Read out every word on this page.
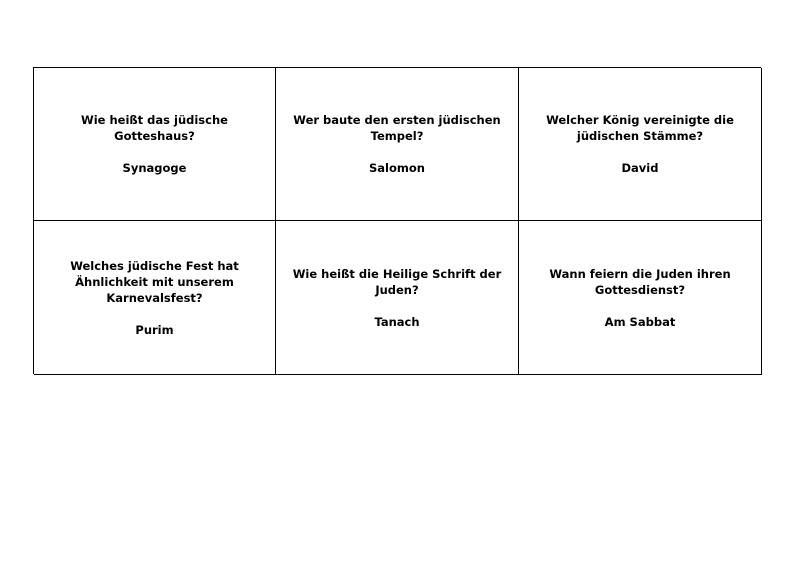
Wie heißt das jüdische Gotteshaus?
Synagoge
Wer baute den ersten jüdischen
Tempel?
Salomon
Welcher König vereinigte die
jüdischen Stämme?
David
Welches jüdische Fest hat
Ähnlichkeit mit unserem
Karnevalsfest?
Purim
Wie heißt die Heilige Schrift der
Juden?
Tanach
Wann feiern die Juden ihren
Gottesdienst?
Am Sabbat
